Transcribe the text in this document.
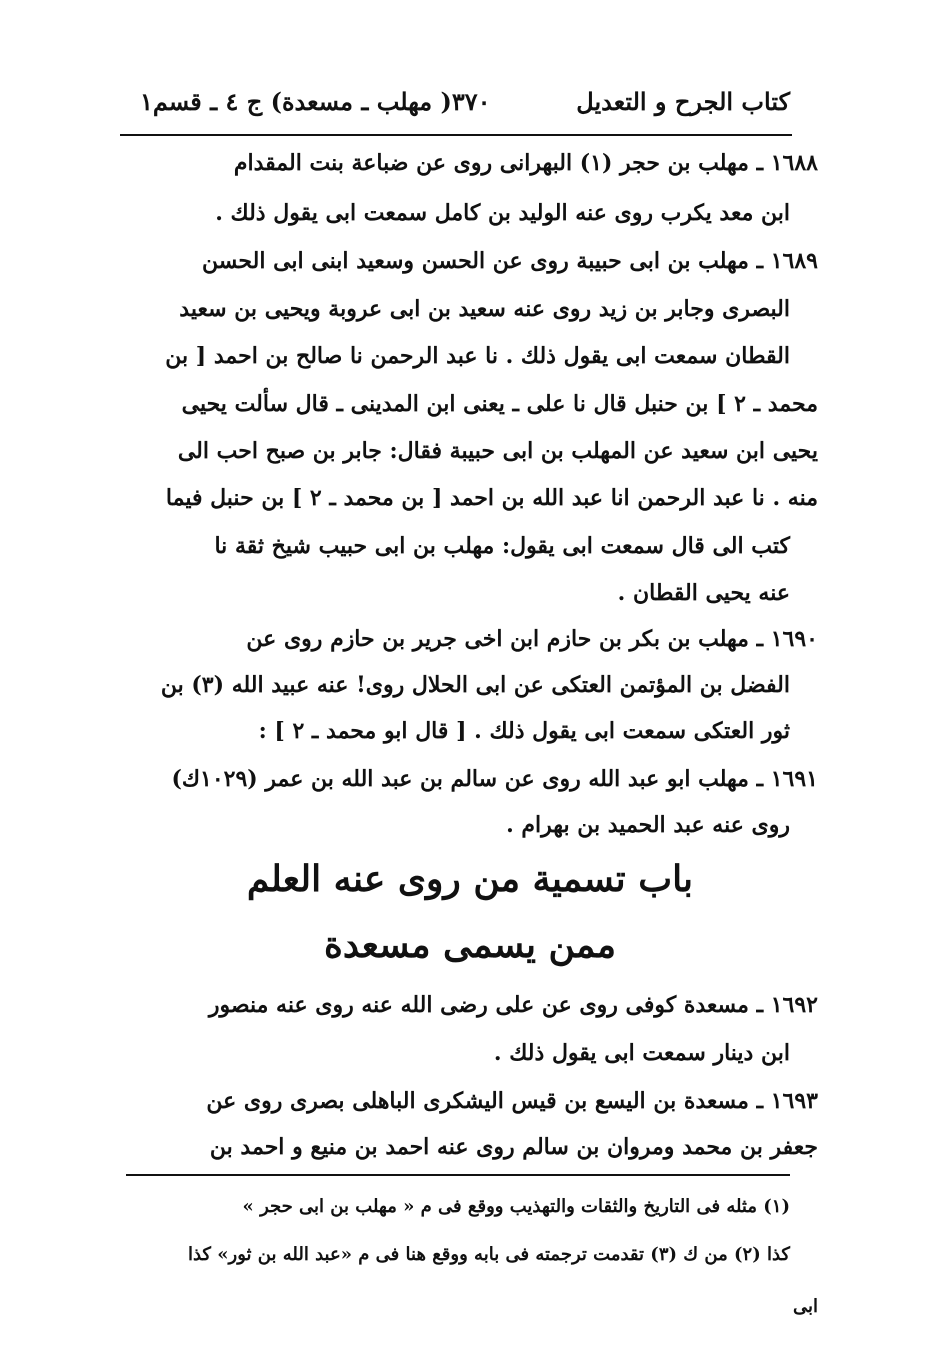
كتاب الجرح و التعديل
٣٧٠( مهلب ـ مسعدة) ج ٤ ـ قسم١
١٦٨٨ ـ مهلب بن حجر (١) البهرانى روى عن ضباعة بنت المقدام
ابن معد يكرب روى عنه الوليد بن كامل سمعت ابى يقول ذلك .
١٦٨٩ ـ مهلب بن ابى حبيبة روى عن الحسن وسعيد ابنى ابى الحسن
البصرى وجابر بن زيد روى عنه سعيد بن ابى عروبة ويحيى بن سعيد
القطان سمعت ابى يقول ذلك . نا عبد الرحمن نا صالح بن احمد [ بن
محمد ـ ٢ ] بن حنبل قال نا على ـ يعنى ابن المدينى ـ قال سألت يحيى
يحيى ابن سعيد عن المهلب بن ابى حبيبة فقال: جابر بن صبح احب الى
منه . نا عبد الرحمن انا عبد الله بن احمد [ بن محمد ـ ٢ ] بن حنبل فيما
كتب الى قال سمعت ابى يقول: مهلب بن ابى حبيب شيخ ثقة نا
عنه يحيى القطان .
١٦٩٠ ـ مهلب بن بكر بن حازم ابن اخى جرير بن حازم روى عن
الفضل بن المؤتمن العتكى عن ابى الحلال روى! عنه عبيد الله (٣) بن
ثور العتكى سمعت ابى يقول ذلك . [ قال ابو محمد ـ ٢ ] :
١٦٩١ ـ مهلب ابو عبد الله روى عن سالم بن عبد الله بن عمر (١٠٢٩ك)
روى عنه عبد الحميد بن بهرام .
باب تسمية من روى عنه العلم
ممن يسمى مسعدة
١٦٩٢ ـ مسعدة كوفى روى عن على رضى الله عنه روى عنه منصور
ابن دينار سمعت ابى يقول ذلك .
١٦٩٣ ـ مسعدة بن اليسع بن قيس اليشكرى الباهلى بصرى روى عن
جعفر بن محمد ومروان بن سالم روى عنه احمد بن منيع و احمد بن
(١) مثله فى التاريخ والثقات والتهذيب ووقع فى م « مهلب بن ابى حجر »
كذا (٢) من ك (٣) تقدمت ترجمته فى بابه ووقع هنا فى م «عبد الله بن ثور» كذا
ابى
